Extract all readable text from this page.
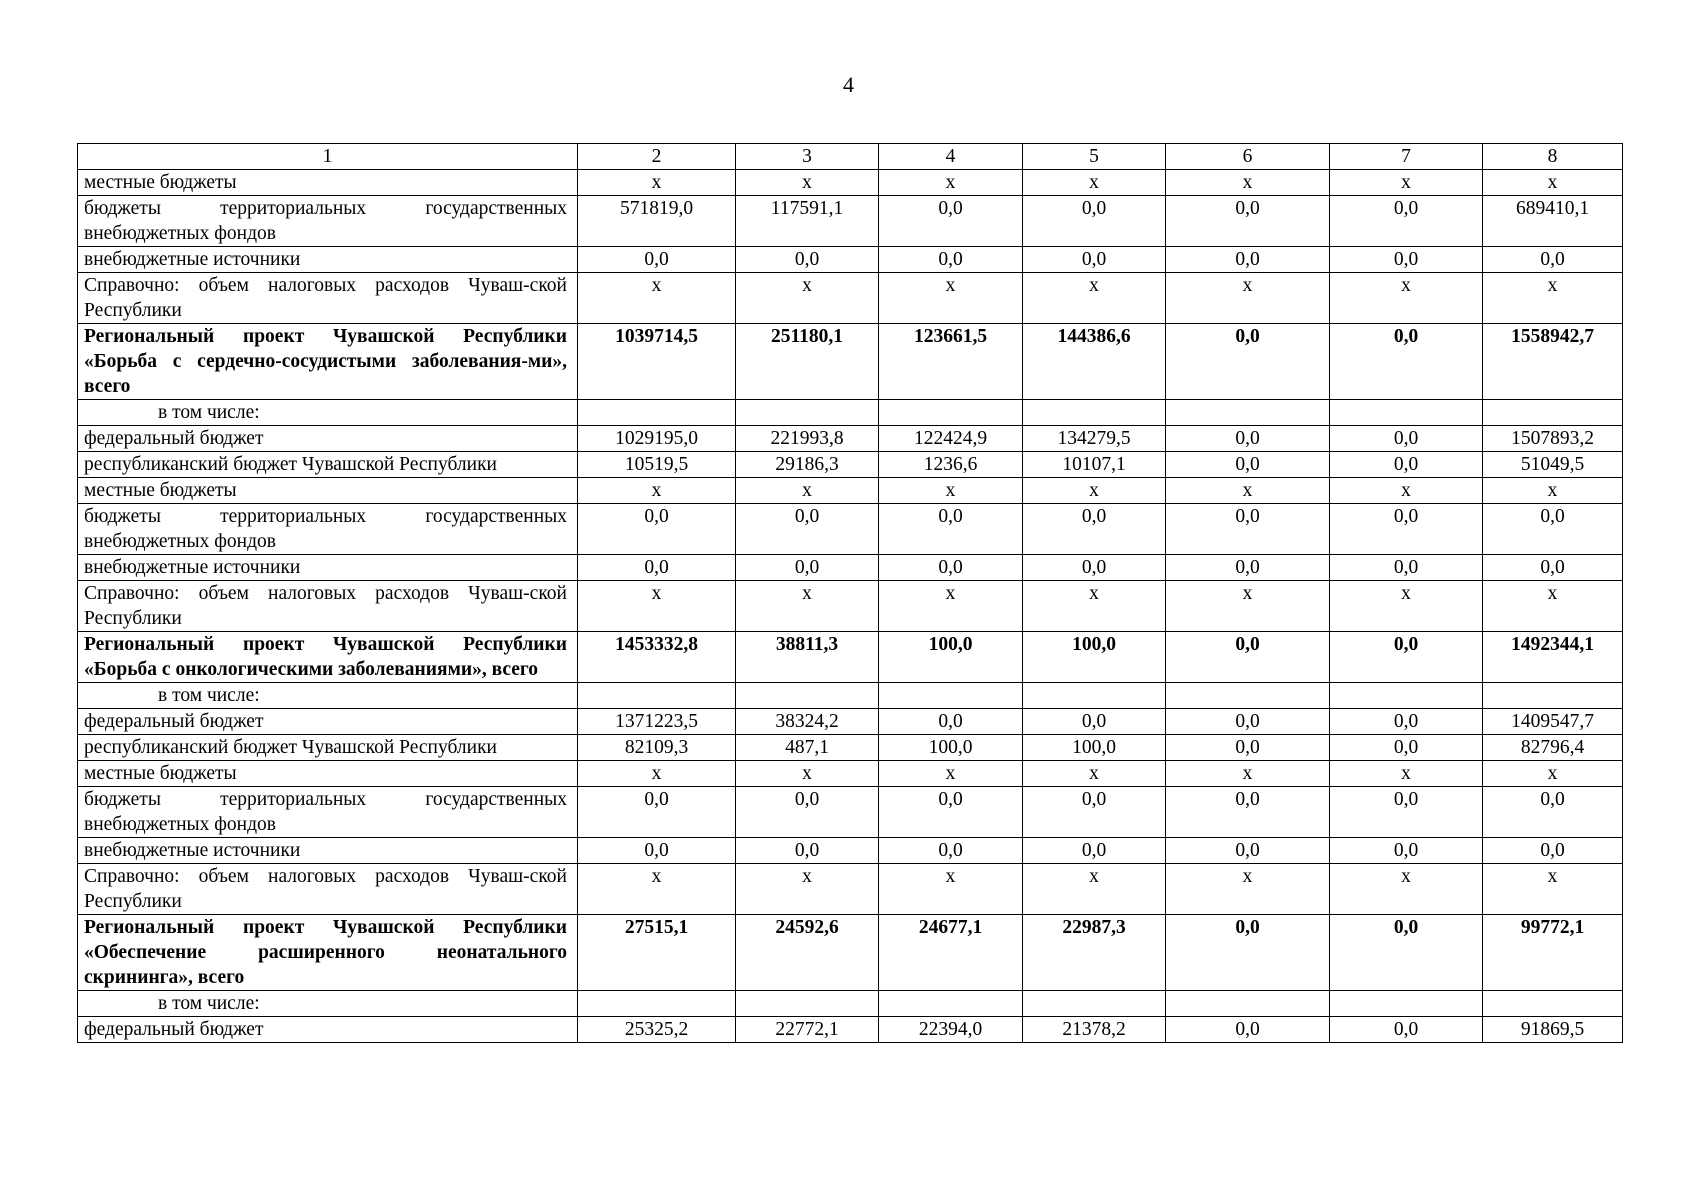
4
1	2	3	4	5	6	7	8
местные бюджеты	x	x	x	x	x	x	x
бюджеты территориальных государственных внебюджетных фондов	571819,0	117591,1	0,0	0,0	0,0	0,0	689410,1
внебюджетные источники	0,0	0,0	0,0	0,0	0,0	0,0	0,0
Справочно: объем налоговых расходов Чуваш-ской Республики	x	x	x	x	x	x	x
Региональный проект Чувашской Республики «Борьба с сердечно-сосудистыми заболевания-ми», всего	1039714,5	251180,1	123661,5	144386,6	0,0	0,0	1558942,7
в том числе:							
федеральный бюджет	1029195,0	221993,8	122424,9	134279,5	0,0	0,0	1507893,2
республиканский бюджет Чувашской Республики	10519,5	29186,3	1236,6	10107,1	0,0	0,0	51049,5
местные бюджеты	x	x	x	x	x	x	x
бюджеты территориальных государственных внебюджетных фондов	0,0	0,0	0,0	0,0	0,0	0,0	0,0
внебюджетные источники	0,0	0,0	0,0	0,0	0,0	0,0	0,0
Справочно: объем налоговых расходов Чуваш-ской Республики	x	x	x	x	x	x	x
Региональный проект Чувашской Республики «Борьба с онкологическими заболеваниями», всего	1453332,8	38811,3	100,0	100,0	0,0	0,0	1492344,1
в том числе:							
федеральный бюджет	1371223,5	38324,2	0,0	0,0	0,0	0,0	1409547,7
республиканский бюджет Чувашской Республики	82109,3	487,1	100,0	100,0	0,0	0,0	82796,4
местные бюджеты	x	x	x	x	x	x	x
бюджеты территориальных государственных внебюджетных фондов	0,0	0,0	0,0	0,0	0,0	0,0	0,0
внебюджетные источники	0,0	0,0	0,0	0,0	0,0	0,0	0,0
Справочно: объем налоговых расходов Чуваш-ской Республики	x	x	x	x	x	x	x
Региональный проект Чувашской Республики «Обеспечение расширенного неонатального скрининга», всего	27515,1	24592,6	24677,1	22987,3	0,0	0,0	99772,1
в том числе:							
федеральный бюджет	25325,2	22772,1	22394,0	21378,2	0,0	0,0	91869,5
